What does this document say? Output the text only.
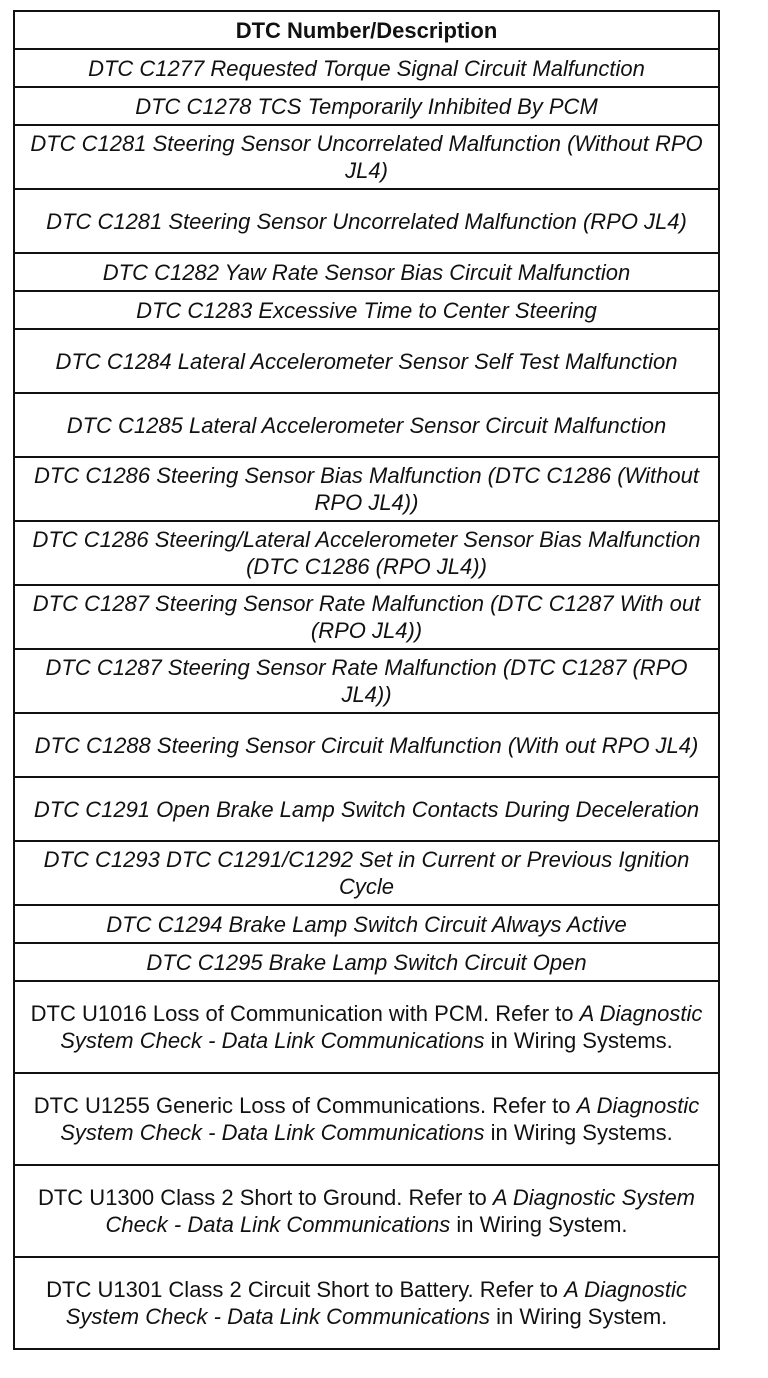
DTC Number/Description
DTC C1277 Requested Torque Signal Circuit Malfunction
DTC C1278 TCS Temporarily Inhibited By PCM
DTC C1281 Steering Sensor Uncorrelated Malfunction (Without RPO JL4)
DTC C1281 Steering Sensor Uncorrelated Malfunction (RPO JL4)
DTC C1282 Yaw Rate Sensor Bias Circuit Malfunction
DTC C1283 Excessive Time to Center Steering
DTC C1284 Lateral Accelerometer Sensor Self Test Malfunction
DTC C1285 Lateral Accelerometer Sensor Circuit Malfunction
DTC C1286 Steering Sensor Bias Malfunction (DTC C1286 (Without RPO JL4))
DTC C1286 Steering/Lateral Accelerometer Sensor Bias Malfunction (DTC C1286 (RPO JL4))
DTC C1287 Steering Sensor Rate Malfunction (DTC C1287 With out (RPO JL4))
DTC C1287 Steering Sensor Rate Malfunction (DTC C1287 (RPO JL4))
DTC C1288 Steering Sensor Circuit Malfunction (With out RPO JL4)
DTC C1291 Open Brake Lamp Switch Contacts During Deceleration
DTC C1293 DTC C1291/C1292 Set in Current or Previous Ignition Cycle
DTC C1294 Brake Lamp Switch Circuit Always Active
DTC C1295 Brake Lamp Switch Circuit Open
DTC U1016 Loss of Communication with PCM. Refer to A Diagnostic System Check - Data Link Communications in Wiring Systems.
DTC U1255 Generic Loss of Communications. Refer to A Diagnostic System Check - Data Link Communications in Wiring Systems.
DTC U1300 Class 2 Short to Ground. Refer to A Diagnostic System Check - Data Link Communications in Wiring System.
DTC U1301 Class 2 Circuit Short to Battery. Refer to A Diagnostic System Check - Data Link Communications in Wiring System.
